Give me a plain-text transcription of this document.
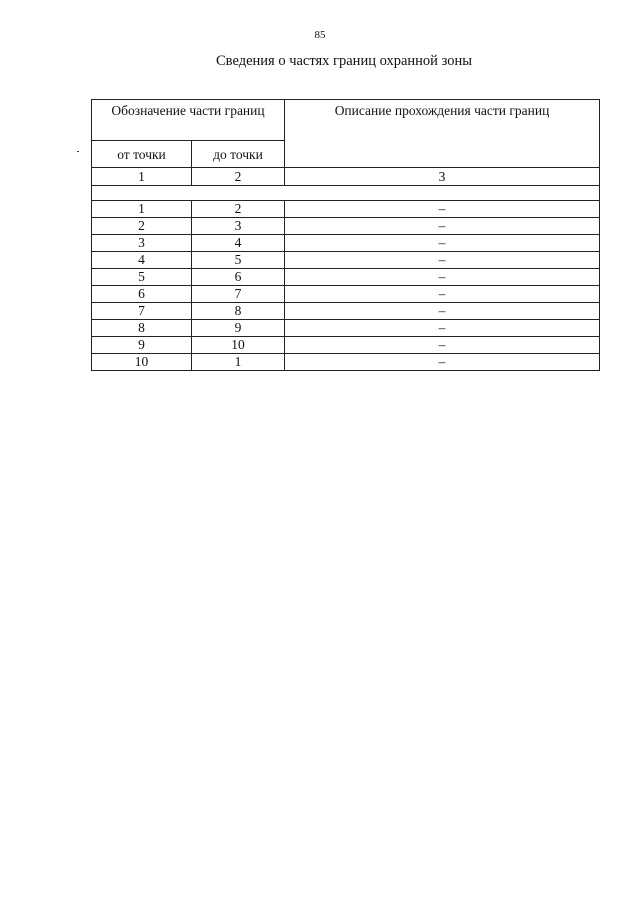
85
Сведения о частях границ охранной зоны
Обозначение части границ		Описание прохождения части границ
от точки	до точки	
1	2	3

1	2	–
2	3	–
3	4	–
4	5	–
5	6	–
6	7	–
7	8	–
8	9	–
9	10	–
10	1	–
